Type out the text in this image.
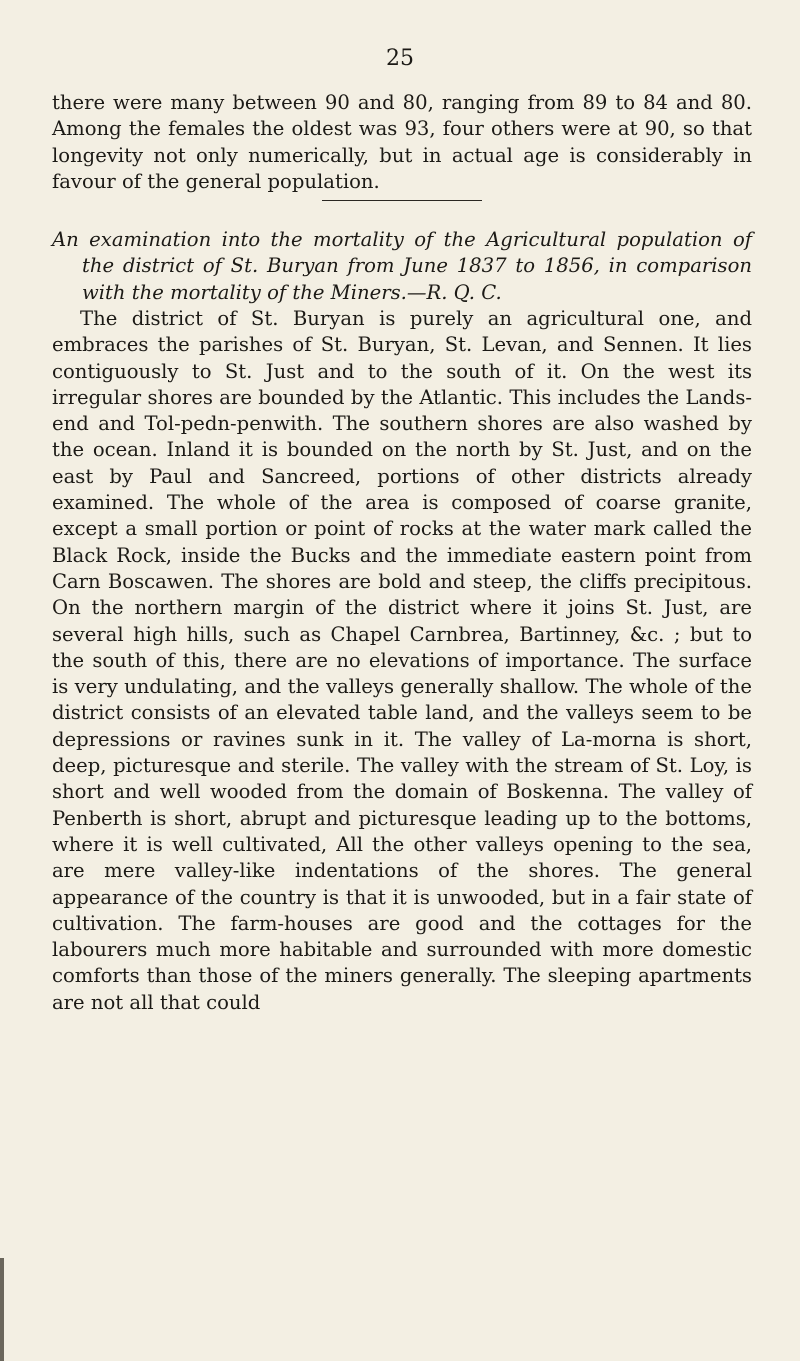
25

there were many between 90 and 80, ranging from 89 to 84 and 80. Among the females the oldest was 93, four others were at 90, so that longevity not only numerically, but in actual age is considerably in favour of the general population.

An examination into the mortality of the Agricultural population of the district of St. Buryan from June 1837 to 1856, in comparison with the mortality of the Miners.—R. Q. C.

The district of St. Buryan is purely an agricultural one, and embraces the parishes of St. Buryan, St. Levan, and Sennen. It lies contiguously to St. Just and to the south of it. On the west its irregular shores are bounded by the Atlantic. This includes the Lands-end and Tol-pedn-penwith. The southern shores are also washed by the ocean. Inland it is bounded on the north by St. Just, and on the east by Paul and Sancreed, portions of other districts already examined. The whole of the area is composed of coarse granite, except a small portion or point of rocks at the water mark called the Black Rock, inside the Bucks and the immediate eastern point from Carn Boscawen. The shores are bold and steep, the cliffs precipitous. On the northern margin of the district where it joins St. Just, are several high hills, such as Chapel Carnbrea, Bartinney, &c. ; but to the south of this, there are no elevations of importance. The surface is very undulating, and the valleys generally shallow. The whole of the district consists of an elevated table land, and the valleys seem to be depressions or ravines sunk in it. The valley of La-morna is short, deep, picturesque and sterile. The valley with the stream of St. Loy, is short and well wooded from the domain of Boskenna. The valley of Penberth is short, abrupt and picturesque leading up to the bottoms, where it is well cultivated, All the other valleys opening to the sea, are mere valley-like indentations of the shores. The general appearance of the country is that it is unwooded, but in a fair state of cultivation. The farm-houses are good and the cottages for the labourers much more habitable and surrounded with more domestic comforts than those of the miners generally. The sleeping apartments are not all that could
